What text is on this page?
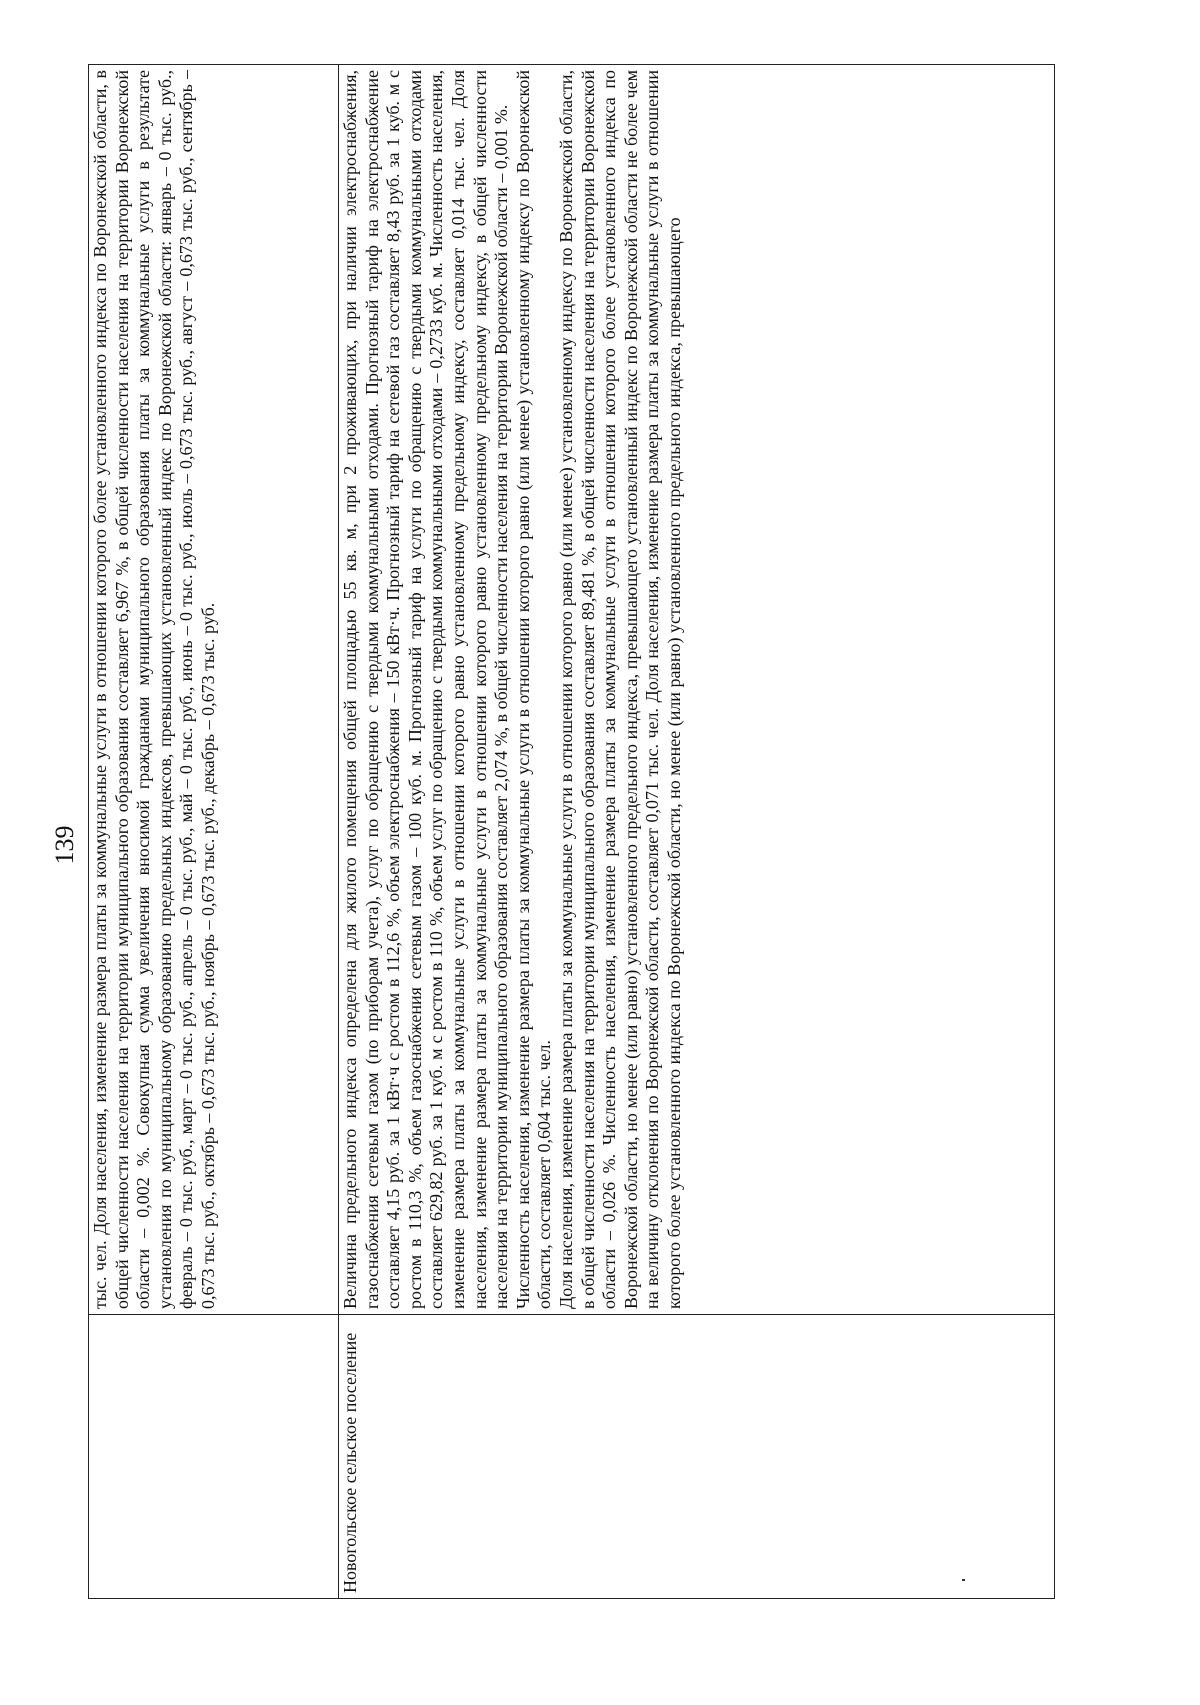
139

	тыс. чел. Доля населения, изменение размера платы за коммунальные услуги в отношении которого более установленного индекса по Воронежской области, в общей численности населения на территории муниципального образования составляет 6,967 %, в общей численности населения на территории Воронежской области – 0,002 %. Совокупная сумма увеличения вносимой гражданами муниципального образования платы за коммунальные услуги в результате установления по муниципальному образованию предельных индексов, превышающих установленный индекс по Воронежской области: январь – 0 тыс. руб., февраль – 0 тыс. руб., март – 0 тыс. руб., апрель – 0 тыс. руб., май – 0 тыс. руб., июнь – 0 тыс. руб., июль – 0,673 тыс. руб., август – 0,673 тыс. руб., сентябрь – 0,673 тыс. руб., октябрь – 0,673 тыс. руб., ноябрь – 0,673 тыс. руб., декабрь – 0,673 тыс. руб.

Новогольское сельское поселение	Величина предельного индекса определена для жилого помещения общей площадью 55 кв. м, при 2 проживающих, при наличии электроснабжения, газоснабжения сетевым газом (по приборам учета), услуг по обращению с твердыми коммунальными отходами. Прогнозный тариф на электроснабжение составляет 4,15 руб. за 1 кВт·ч с ростом в 112,6 %, объем электроснабжения – 150 кВт·ч. Прогнозный тариф на сетевой газ составляет 8,43 руб. за 1 куб. м с ростом в 110,3 %, объем газоснабжения сетевым газом – 100 куб. м. Прогнозный тариф на услуги по обращению с твердыми коммунальными отходами составляет 629,82 руб. за 1 куб. м с ростом в 110 %, объем услуг по обращению с твердыми коммунальными отходами – 0,2733 куб. м. Численность населения, изменение размера платы за коммунальные услуги в отношении которого равно установленному предельному индексу, составляет 0,014 тыс. чел. Доля населения, изменение размера платы за коммунальные услуги в отношении которого равно установленному предельному индексу, в общей численности населения на территории муниципального образования составляет 2,074 %, в общей численности населения на территории Воронежской области – 0,001 %. Численность населения, изменение размера платы за коммунальные услуги в отношении которого равно (или менее) установленному индексу по Воронежской области, составляет 0,604 тыс. чел. Доля населения, изменение размера платы за коммунальные услуги в отношении которого равно (или менее) установленному индексу по Воронежской области, в общей численности населения на территории муниципального образования составляет 89,481 %, в общей численности населения на территории Воронежской области – 0,026 %. Численность населения, изменение размера платы за коммунальные услуги в отношении которого более установленного индекса по Воронежской области, но менее (или равно) установленного предельного индекса, превышающего установленный индекс по Воронежской области не более чем на величину отклонения по Воронежской области, составляет 0,071 тыс. чел. Доля населения, изменение размера платы за коммунальные услуги в отношении которого более установленного индекса по Воронежской области, но менее (или равно) установленного предельного индекса, превышающего
